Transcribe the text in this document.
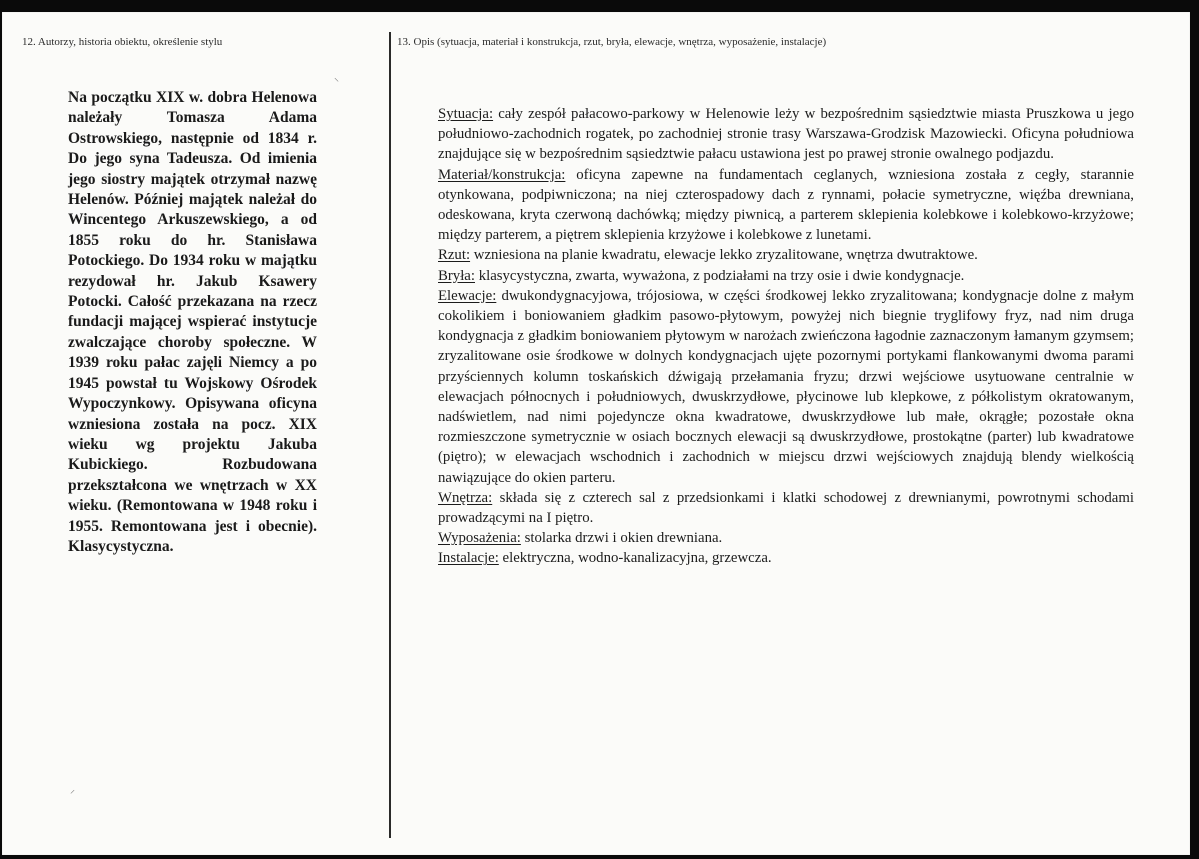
12. Autorzy, historia obiektu, określenie stylu	13. Opis (sytuacja, materiał i konstrukcja, rzut, bryła, elewacje, wnętrza, wyposażenie, instalacje)

Na początku XIX w. dobra Helenowa należały Tomasza Adama Ostrowskiego, następnie od 1834 r. Do jego syna Tadeusza. Od imienia jego siostry majątek otrzymał nazwę Helenów. Później majątek należał do Wincentego Arkuszewskiego, a od 1855 roku do hr. Stanisława Potockiego. Do 1934 roku w majątku rezydował hr. Jakub Ksawery Potocki. Całość przekazana na rzecz fundacji mającej wspierać instytucje zwalczające choroby społeczne. W 1939 roku pałac zajęli Niemcy a po 1945 powstał tu Wojskowy Ośrodek Wypoczynkowy. Opisywana oficyna wzniesiona została na pocz. XIX wieku wg projektu Jakuba Kubickiego. Rozbudowana przekształcona we wnętrzach w XX wieku. (Remontowana w 1948 roku i 1955. Remontowana jest i obecnie). Klasycystyczna.

Sytuacja: cały zespół pałacowo-parkowy w Helenowie leży w bezpośrednim sąsiedztwie miasta Pruszkowa u jego południowo-zachodnich rogatek, po zachodniej stronie trasy Warszawa-Grodzisk Mazowiecki. Oficyna południowa znajdujące się w bezpośrednim sąsiedztwie pałacu ustawiona jest po prawej stronie owalnego podjazdu.

Materiał/konstrukcja: oficyna zapewne na fundamentach ceglanych, wzniesiona została z cegły, starannie otynkowana, podpiwniczona; na niej czterospadowy dach z rynnami, połacie symetryczne, więźba drewniana, odeskowana, kryta czerwoną dachówką; między piwnicą, a parterem sklepienia kolebkowe i kolebkowo-krzyżowe; między parterem, a piętrem sklepienia krzyżowe i kolebkowe z lunetami.

Rzut: wzniesiona na planie kwadratu, elewacje lekko zryzalitowane, wnętrza dwutraktowe.

Bryła: klasycystyczna, zwarta, wyważona, z podziałami na trzy osie i dwie kondygnacje.

Elewacje: dwukondygnacyjowa, trójosiowa, w części środkowej lekko zryzalitowana; kondygnacje dolne z małym cokolikiem i boniowaniem gładkim pasowo-płytowym, powyżej nich biegnie tryglifowy fryz, nad nim druga kondygnacja z gładkim boniowaniem płytowym w narożach zwieńczona łagodnie zaznaczonym łamanym gzymsem; zryzalitowane osie środkowe w dolnych kondygnacjach ujęte pozornymi portykami flankowanymi dwoma parami przyściennych kolumn toskańskich dźwigają przełamania fryzu; drzwi wejściowe usytuowane centralnie w elewacjach północnych i południowych, dwuskrzydłowe, płycinowe lub klepkowe, z półkolistym okratowanym, nadświetlem, nad nimi pojedyncze okna kwadratowe, dwuskrzydłowe lub małe, okrągłe; pozostałe okna rozmieszczone symetrycznie w osiach bocznych elewacji są dwuskrzydłowe, prostokątne (parter) lub kwadratowe (piętro); w elewacjach wschodnich i zachodnich w miejscu drzwi wejściowych znajdują blendy wielkością nawiązujące do okien parteru.

Wnętrza: składa się z czterech sal z przedsionkami i klatki schodowej z drewnianymi, powrotnymi schodami prowadzącymi na I piętro.

Wyposażenia: stolarka drzwi i okien drewniana.

Instalacje: elektryczna, wodno-kanalizacyjna, grzewcza.

⸌
⸍
